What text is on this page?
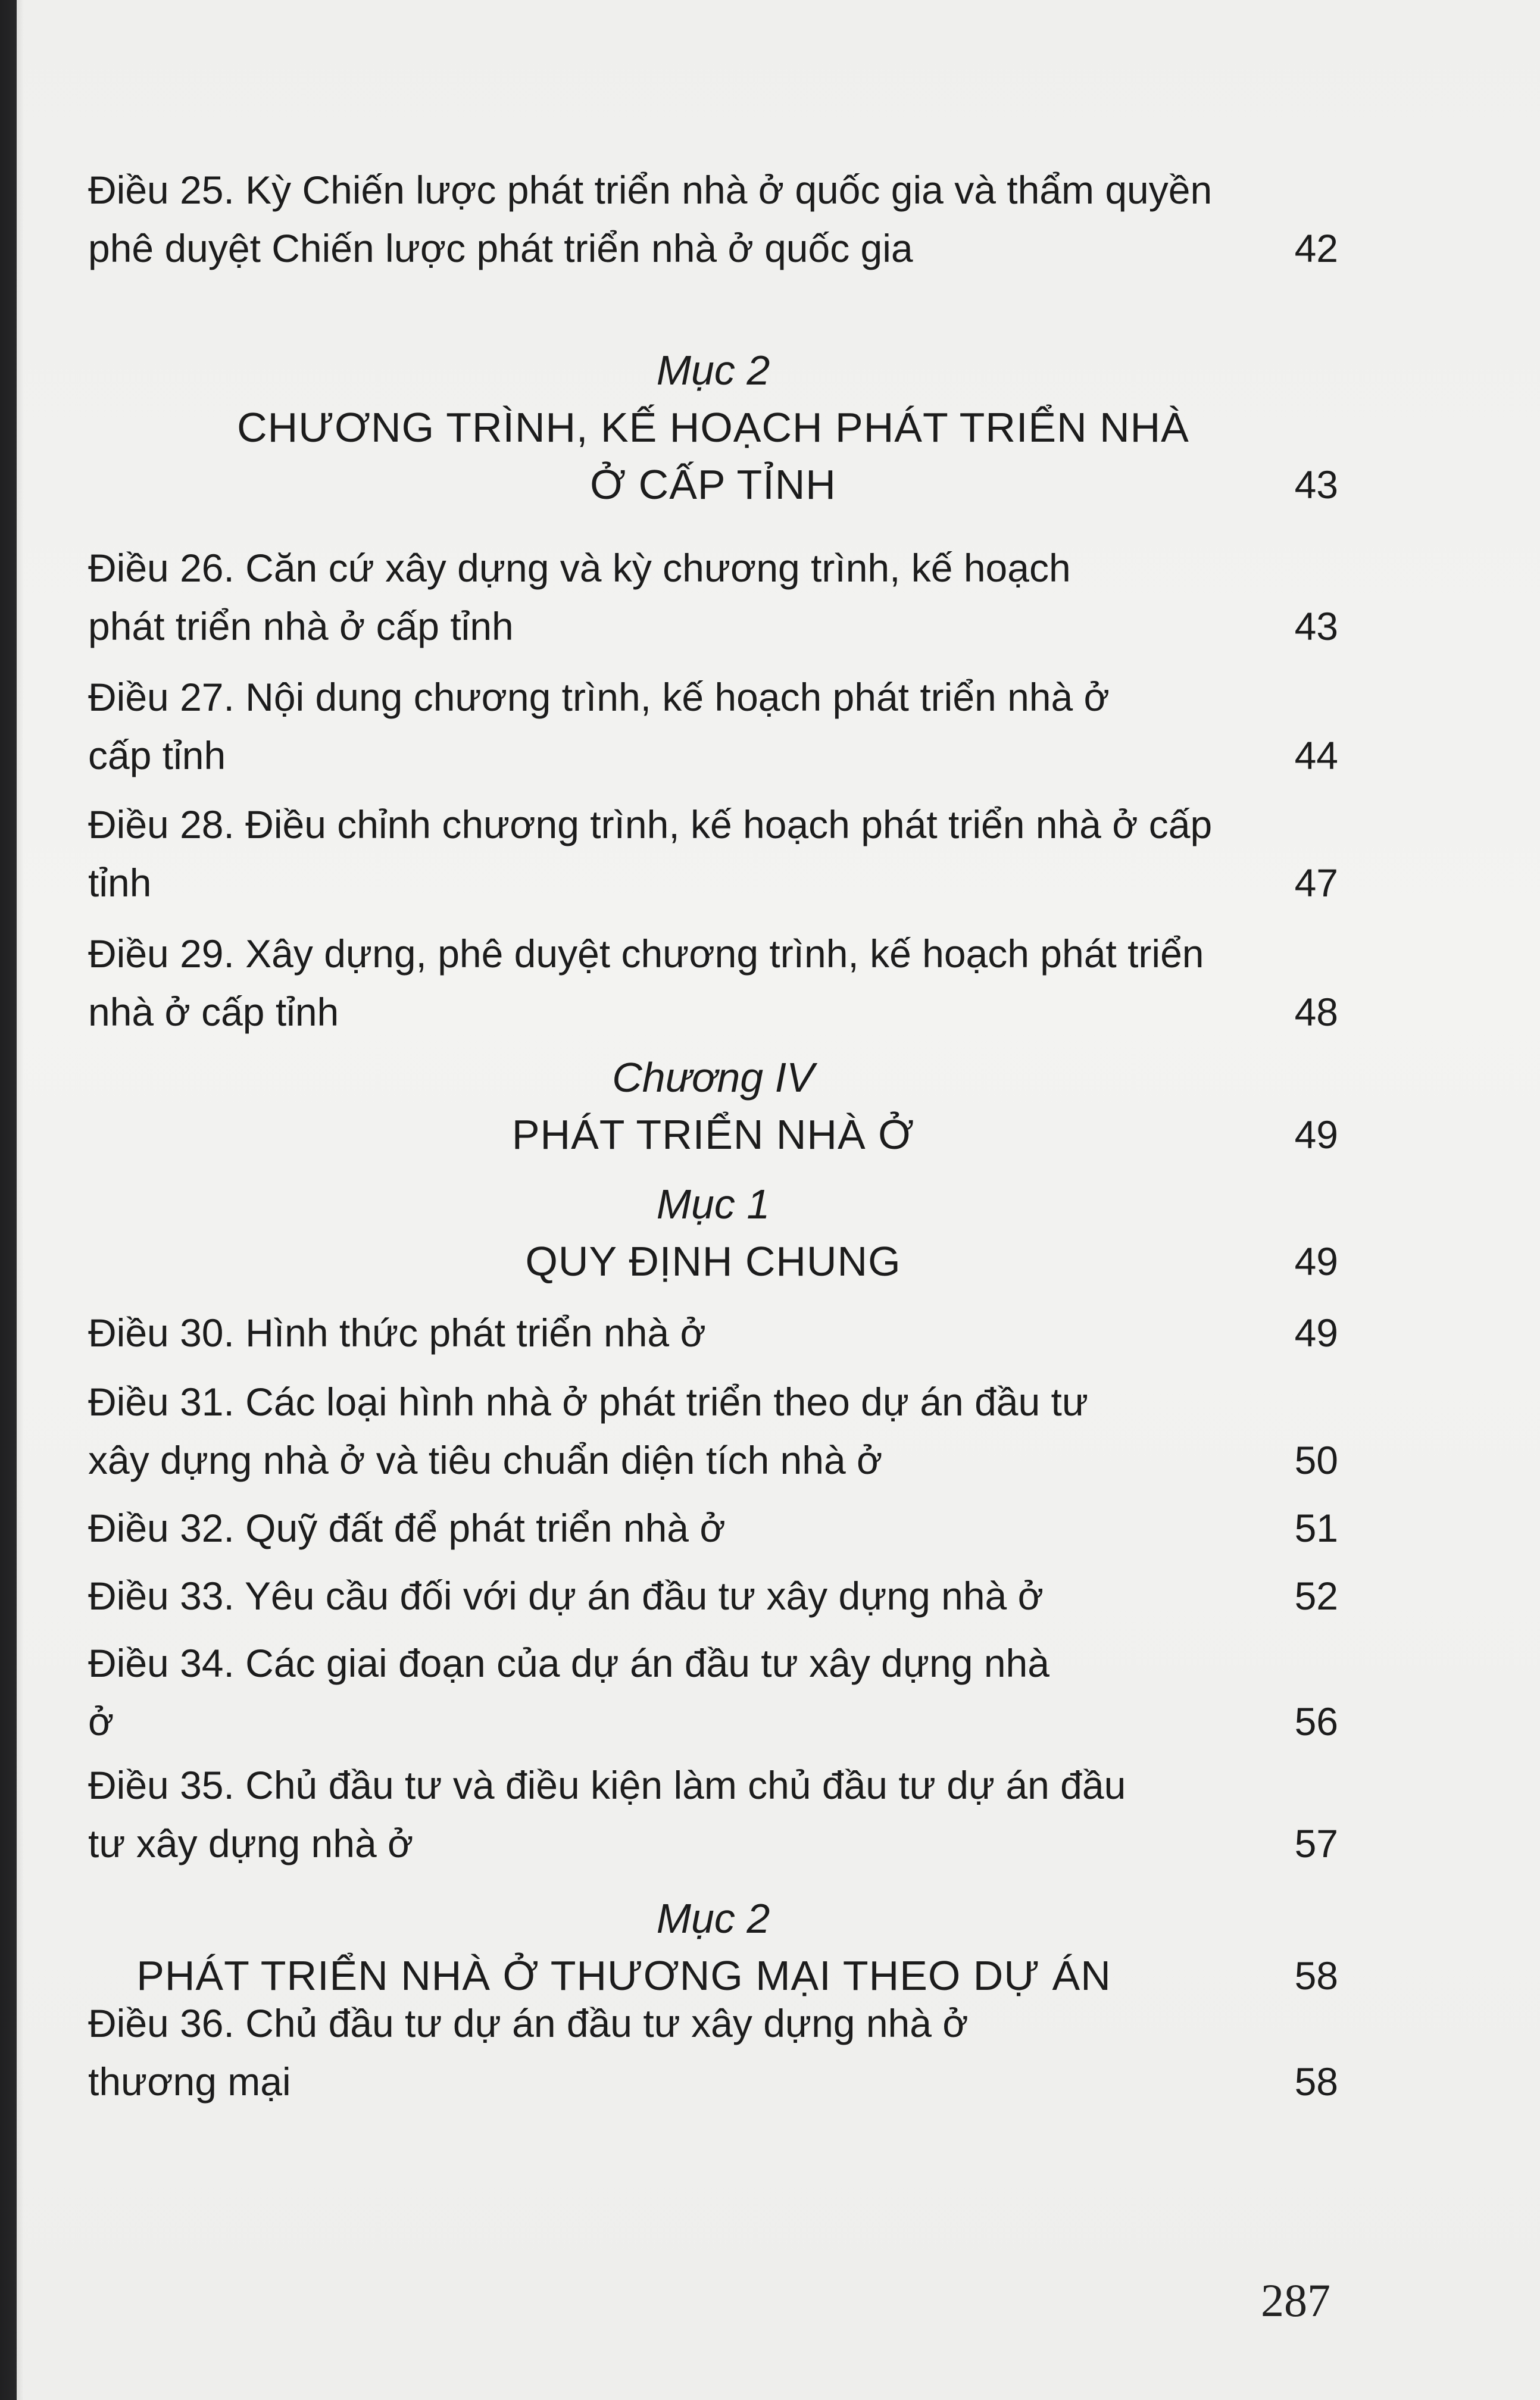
Điều 25. Kỳ Chiến lược phát triển nhà ở quốc gia và thẩm quyền phê duyệt Chiến lược phát triển nhà ở quốc gia	42
Mục 2
CHƯƠNG TRÌNH, KẾ HOẠCH PHÁT TRIỂN NHÀ Ở CẤP TỈNH	43
Điều 26. Căn cứ xây dựng và kỳ chương trình, kế hoạch phát triển nhà ở cấp tỉnh	43
Điều 27. Nội dung chương trình, kế hoạch phát triển nhà ở cấp tỉnh	44
Điều 28. Điều chỉnh chương trình, kế hoạch phát triển nhà ở cấp tỉnh	47
Điều 29. Xây dựng, phê duyệt chương trình, kế hoạch phát triển nhà ở cấp tỉnh	48
Chương IV
PHÁT TRIỂN NHÀ Ở	49
Mục 1
QUY ĐỊNH CHUNG	49
Điều 30. Hình thức phát triển nhà ở	49
Điều 31. Các loại hình nhà ở phát triển theo dự án đầu tư xây dựng nhà ở và tiêu chuẩn diện tích nhà ở	50
Điều 32. Quỹ đất để phát triển nhà ở	51
Điều 33. Yêu cầu đối với dự án đầu tư xây dựng nhà ở	52
Điều 34. Các giai đoạn của dự án đầu tư xây dựng nhà ở	56
Điều 35. Chủ đầu tư và điều kiện làm chủ đầu tư dự án đầu tư xây dựng nhà ở	57
Mục 2
PHÁT TRIỂN NHÀ Ở THƯƠNG MẠI THEO DỰ ÁN	58
Điều 36. Chủ đầu tư dự án đầu tư xây dựng nhà ở thương mại	58
287
